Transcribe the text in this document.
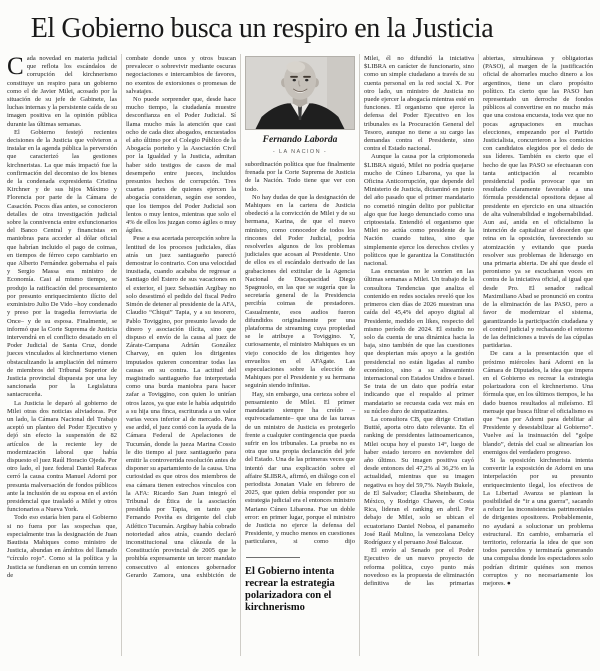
El Gobierno busca un respiro en la Justicia

Cada novedad en materia judicial que reflota los escándalos de corrupción del kirchnerismo constituye un respiro para un gobierno como el de Javier Milei, acosado por la situación de su jefe de Gabinete, las luchas internas y la persistente caída de su imagen positiva en la opinión pública durante las últimas semanas.

El Gobierno festejó recientes decisiones de la Justicia que volvieron a instalar en la agenda pública la perversión que caracterizó las gestiones kirchneristas. La que más impactó fue la confirmación del decomiso de los bienes de la condenada expresidenta Cristina Kirchner y de sus hijos Máximo y Florencia por parte de la Cámara de Casación. Pocos días antes, se conocieron detalles de otra investigación judicial sobre la connivencia entre exfuncionarios del Banco Central y financistas en maniobras para acceder al dólar oficial que habrían incluido el pago de coimas, en tiempos de férreo cepo cambiario en que Alberto Fernández gobernaba el país y Sergio Massa era ministro de Economía. Casi al mismo tiempo, se produjo la ratificación del procesamiento por presunto enriquecimiento ilícito del exministro Julio De Vido –hoy condenado y preso por la tragedia ferroviaria de Once– y de su esposa. Finalmente, se informó que la Corte Suprema de Justicia intervendrá en el conflicto desatado en el Poder Judicial de Santa Cruz, donde jueces vinculados al kirchnerismo vienen obstaculizando la ampliación del número de miembros del Tribunal Superior de Justicia provincial dispuesta por una ley sancionada por la Legislatura santacruceña.

La Justicia le deparó al gobierno de Milei otras dos noticias aliviadoras. Por un lado, la Cámara Nacional del Trabajo aceptó un planteo del Poder Ejecutivo y dejó sin efecto la suspensión de 82 artículos de la reciente ley de modernización laboral que había dispuesto el juez Raúl Horacio Ojeda. Por otro lado, el juez federal Daniel Rafecas cerró la causa contra Manuel Adorni por presunta malversación de fondos públicos ante la inclusión de su esposa en el avión presidencial que trasladó a Milei y otros funcionarios a Nueva York.

Todo eso estaría bien para el Gobierno si no fuera por las sospechas que, especialmente tras la designación de Juan Bautista Mahiques como ministro de Justicia, abundan en ámbitos del llamado “círculo rojo”. Como si la política y la Justicia se fundieran en un común terreno de

combate donde unos y otros buscan prevalecer o sobrevivir mediante oscuras negociaciones e intercambios de favores, no exentos de extorsiones o promesas de salvatajes.

No puede sorprender que, desde hace mucho tiempo, la ciudadanía muestre desconfianza en el Poder Judicial. Sí llama mucho más la atención que casi ocho de cada diez abogados, encuestados el año último por el Colegio Público de la Abogacía porteño y la Asociación Civil por la Igualdad y la Justicia, admitan haber sido testigos de casos de mal desempeño entre jueces, incluidos presuntos hechos de corrupción. Tres cuartas partes de quienes ejercen la abogacía consideran, según ese sondeo, que los tiempos del Poder Judicial son lentos o muy lentos, mientras que solo el 4% de ellos los juzgan como ágiles o muy ágiles.

Pese a esa acertada percepción sobre la lentitud de los procesos judiciales, días atrás un juez santiagueño pareció demostrar lo contrario. Con una velocidad inusitada, cuando acababa de regresar a Santiago del Estero de sus vacaciones en el exterior, el juez Sebastián Argibay no solo desestimó el pedido del fiscal Pedro Simón de detener al presidente de la AFA, Claudio “Chiqui” Tapia, y a su tesorero, Pablo Toviggino, por presunto lavado de dinero y asociación ilícita, sino que dispuso el envío de la causa al juez de Zárate-Campana Adrián González Charvay, en quien los dirigentes imputados quieren concentrar todas las causas en su contra. La actitud del magistrado santiagueño fue interpretada como una burda maniobra para hacer zafar a Toviggino, con quien lo unirían otros lazos, ya que este le había adquirido a su hija una finca, escriturada a un valor varias veces inferior al de mercado. Para ese ardid, el juez contó con la ayuda de la Cámara Federal de Apelaciones de Tucumán, donde la jueza Marina Cossio le dio tiempo al juez santiagueño para emitir la controvertida resolución antes de disponer su apartamiento de la causa. Una curiosidad es que otros dos miembros de esa cámara tienen estrechos vínculos con la AFA: Ricardo San Juan integró el Tribunal de Ética de la asociación presidida por Tapia, en tanto que Fernando Poviña es dirigente del club Atlético Tucumán. Argibay había cobrado notoriedad años atrás, cuando declaró inconstitucional una cláusula de la Constitución provincial de 2005 que le prohibía expresamente un tercer mandato consecutivo al entonces gobernador Gerardo Zamora, una exhibición de

Fernando Laborda
- LA NACION -

subordinación política que fue finalmente frenada por la Corte Suprema de Justicia de la Nación. Todo tiene que ver con todo.

No hay dudas de que la designación de Mahiques en la cartera de Justicia obedeció a la convicción de Milei y de su hermana, Karina, de que el nuevo ministro, como conocedor de todos los rincones del Poder Judicial, podría resolverles algunos de los problemas judiciales que acosan al Presidente. Uno de ellos es el escándalo derivado de las grabaciones del extitular de la Agencia Nacional de Discapacidad Diego Spagnuolo, en las que se sugería que la secretaría general de la Presidencia percibía coimas de prestadores. Casualmente, esos audios fueron difundidos originalmente por una plataforma de streaming cuya propiedad se le atribuye a Toviggino. Y, curiosamente, el ministro Mahiques es un viejo conocido de los dirigentes hoy envueltos en el AFAgate. Las especulaciones sobre la elección de Mahiques por el Presidente y su hermana seguirán siendo infinitas.

Hay, sin embargo, una certeza sobre el pensamiento de Milei. El primer mandatario siempre ha creído –equivocadamente– que una de las tareas de un ministro de Justicia es protegerlo frente a cualquier contingencia que pueda sufrir en los tribunales. La prueba no es otra que una propia declaración del jefe del Estado. Una de las primeras veces que intentó dar una explicación sobre el affaire $LIBRA, afirmó, en diálogo con el periodista Jonatan Viale en febrero de 2025, que quien debía responder por su estrategia judicial era el entonces ministro Mariano Cúneo Libarona. Fue un doble error: en primer lugar, porque el ministro de Justicia no ejerce la defensa del Presidente, y mucho menos en cuestiones particulares, si como dijo

El Gobierno intenta recrear la estrategia polarizadora con el kirchnerismo

Milei, él no difundió la iniciativa $LIBRA en carácter de funcionario, sino como un simple ciudadano a través de su cuenta personal en la red social X. Por otro lado, un ministro de Justicia no puede ejercer la abogacía mientras esté en funciones. El organismo que ejerce la defensa del Poder Ejecutivo en los tribunales es la Procuración General del Tesoro, aunque no tiene a su cargo las demandas contra el Presidente, sino contra el Estado nacional.

Aunque la causa por la criptomoneda $LIBRA siguió, Milei no podría quejarse mucho de Cúneo Libarona, ya que la Oficina Anticorrupción, que depende del Ministerio de Justicia, dictaminó en junio del año pasado que el primer mandatario no cometió ningún delito por publicitar algo que fue luego denunciado como una criptoestafa. Entendió el organismo que Milei no actúa como presidente de la Nación cuando tuitea, sino que simplemente ejerce los derechos civiles y políticos que le garantiza la Constitución nacional.

Las encuestas no le sonríen en las últimas semanas a Milei. Un trabajo de la consultora Tendencias que analiza el contenido en redes sociales reveló que los primeros cien días de 2026 muestran una caída del 45,4% del apoyo digital al Presidente, medido en likes, respecto del mismo período de 2024. El estudio no solo da cuenta de una dinámica hacia la baja, sino también de que las cuestiones que despiertan más apoyo a la gestión presidencial no están ligadas al rumbo económico, sino a su alineamiento internacional con Estados Unidos e Israel. Se trata de un dato que podría estar indicando que el respaldo al primer mandatario se recuesta cada vez más en su núcleo duro de simpatizantes.

La consultora CB, que dirige Cristian Buttié, aporta otro dato relevante. En el ranking de presidentes latinoamericanos, Milei ocupa hoy el puesto 14°, luego de haber estado tercero en noviembre del año último. Su imagen positiva cayó desde entonces del 47,2% al 36,2% en la actualidad, mientras que su imagen negativa es hoy del 59,7%. Nayib Bukele, de El Salvador; Claudia Sheinbaum, de México, y Rodrigo Chaves, de Costa Rica, lideran el ranking en abril. Por debajo de Milei, solo se ubican el ecuatoriano Daniel Noboa, el panameño José Raúl Mulino, la venezolana Delcy Rodríguez y el peruano José Balcazar.

El envío al Senado por el Poder Ejecutivo de un nuevo proyecto de reforma política, cuyo punto más novedoso es la propuesta de eliminación definitiva de las primarias

abiertas, simultáneas y obligatorias (PASO), al margen de la justificación oficial de ahorrarles mucho dinero a los argentinos, tiene un claro propósito político. Es cierto que las PASO han representado un derroche de fondos públicos al convertirse en no mucho más que una costosa encuesta, toda vez que no pocas agrupaciones en muchas elecciones, empezando por el Partido Justicialista, concurrieron a los comicios con candidatos elegidos por el dedo de sus líderes. También es cierto que el hecho de que las PASO se efectuaran con tanta anticipación al recambio presidencial podía provocar que un resultado claramente favorable a una fórmula presidencial opositora dejase al presidente en ejercicio en una situación de alta vulnerabilidad e ingobernabilidad. Aun así, anida en el oficialismo la intención de capitalizar el desorden que reina en la oposición, favoreciendo su atomización y evitando que pueda resolver sus problemas de liderazgo en una primaria abierta. De ahí que desde el peronismo ya se escucharan voces en contra de la iniciativa oficial, al igual que desde Pro. El senador radical Maximiliano Abad se pronunció en contra de la eliminación de las PASO, pero a favor de modernizar el sistema, garantizando la participación ciudadana y el control judicial y rechazando el retorno de las definiciones a través de las cúpulas partidarias.

De cara a la presentación que el próximo miércoles hará Adorni en la Cámara de Diputados, la idea que impera en el Gobierno es recrear la estrategia polarizadora con el kirchnerismo. Una fórmula que, en los últimos tiempos, le ha dado buenos resultados al mileísmo. El mensaje que busca filtrar el oficialismo es que “van por Adorni para debilitar al Presidente y desestabilizar al Gobierno”. Vuelve así la insinuación del “golpe blando”, detrás del cual se alinearían los enemigos del verdadero progreso.

Si la oposición kirchnerista intenta convertir la exposición de Adorni en una interpelación por su presunto enriquecimiento ilegal, los efectivos de La Libertad Avanza se plantean la posibilidad de “ir a una guerra”, sacando a relucir las inconsistencias patrimoniales de dirigentes opositores. Probablemente, no ayudará a solucionar un problema estructural. En cambio, embarraría el territorio, reforzaría la idea de que son todos parecidos y terminaría generando una compulsa donde los espectadores solo podrían dirimir quiénes son menos corruptos y no necesariamente los mejores. ●
